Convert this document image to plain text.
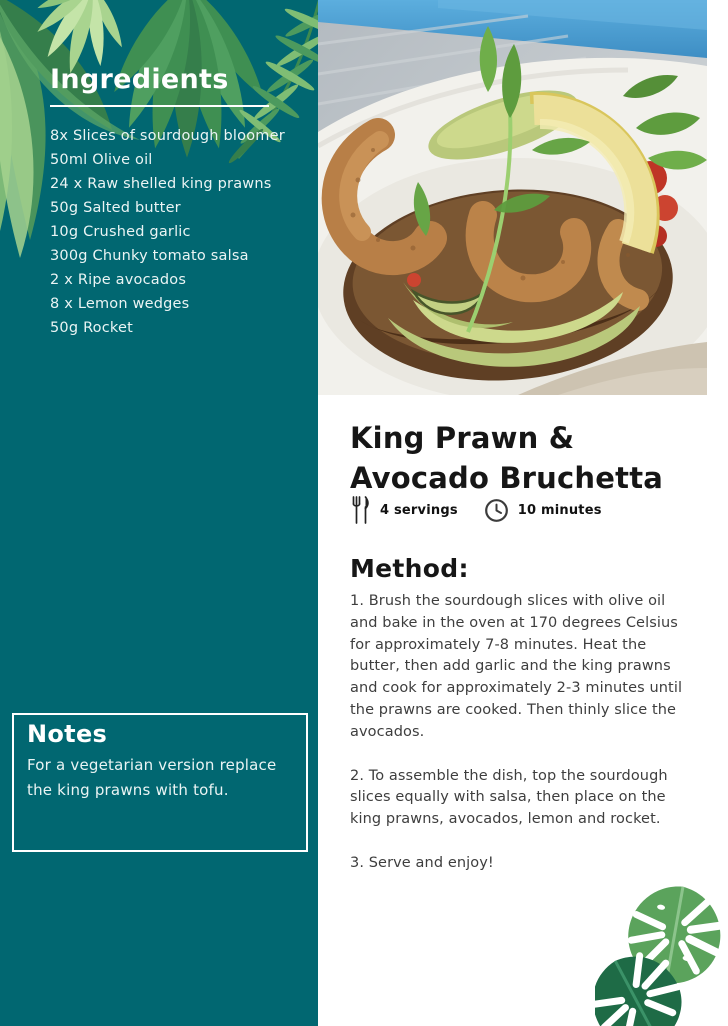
Ingredients
8x Slices of sourdough bloomer
50ml Olive oil
24 x Raw shelled king prawns
50g Salted butter
10g Crushed garlic
300g Chunky tomato salsa
2 x Ripe avocados
8 x Lemon wedges
50g Rocket
Notes

For a vegetarian version replace the king prawns with tofu.

King Prawn &
Avocado Bruchetta
4 servings	10 minutes
Method:

1. Brush the sourdough slices with olive oil and bake in the oven at 170 degrees Celsius for approximately 7-8 minutes. Heat the butter, then add garlic and the king prawns and cook for approximately 2-3 minutes until the prawns are cooked. Then thinly slice the avocados.

2. To assemble the dish, top the sourdough slices equally with salsa, then place on the king prawns, avocados, lemon and rocket.

3. Serve and enjoy!
